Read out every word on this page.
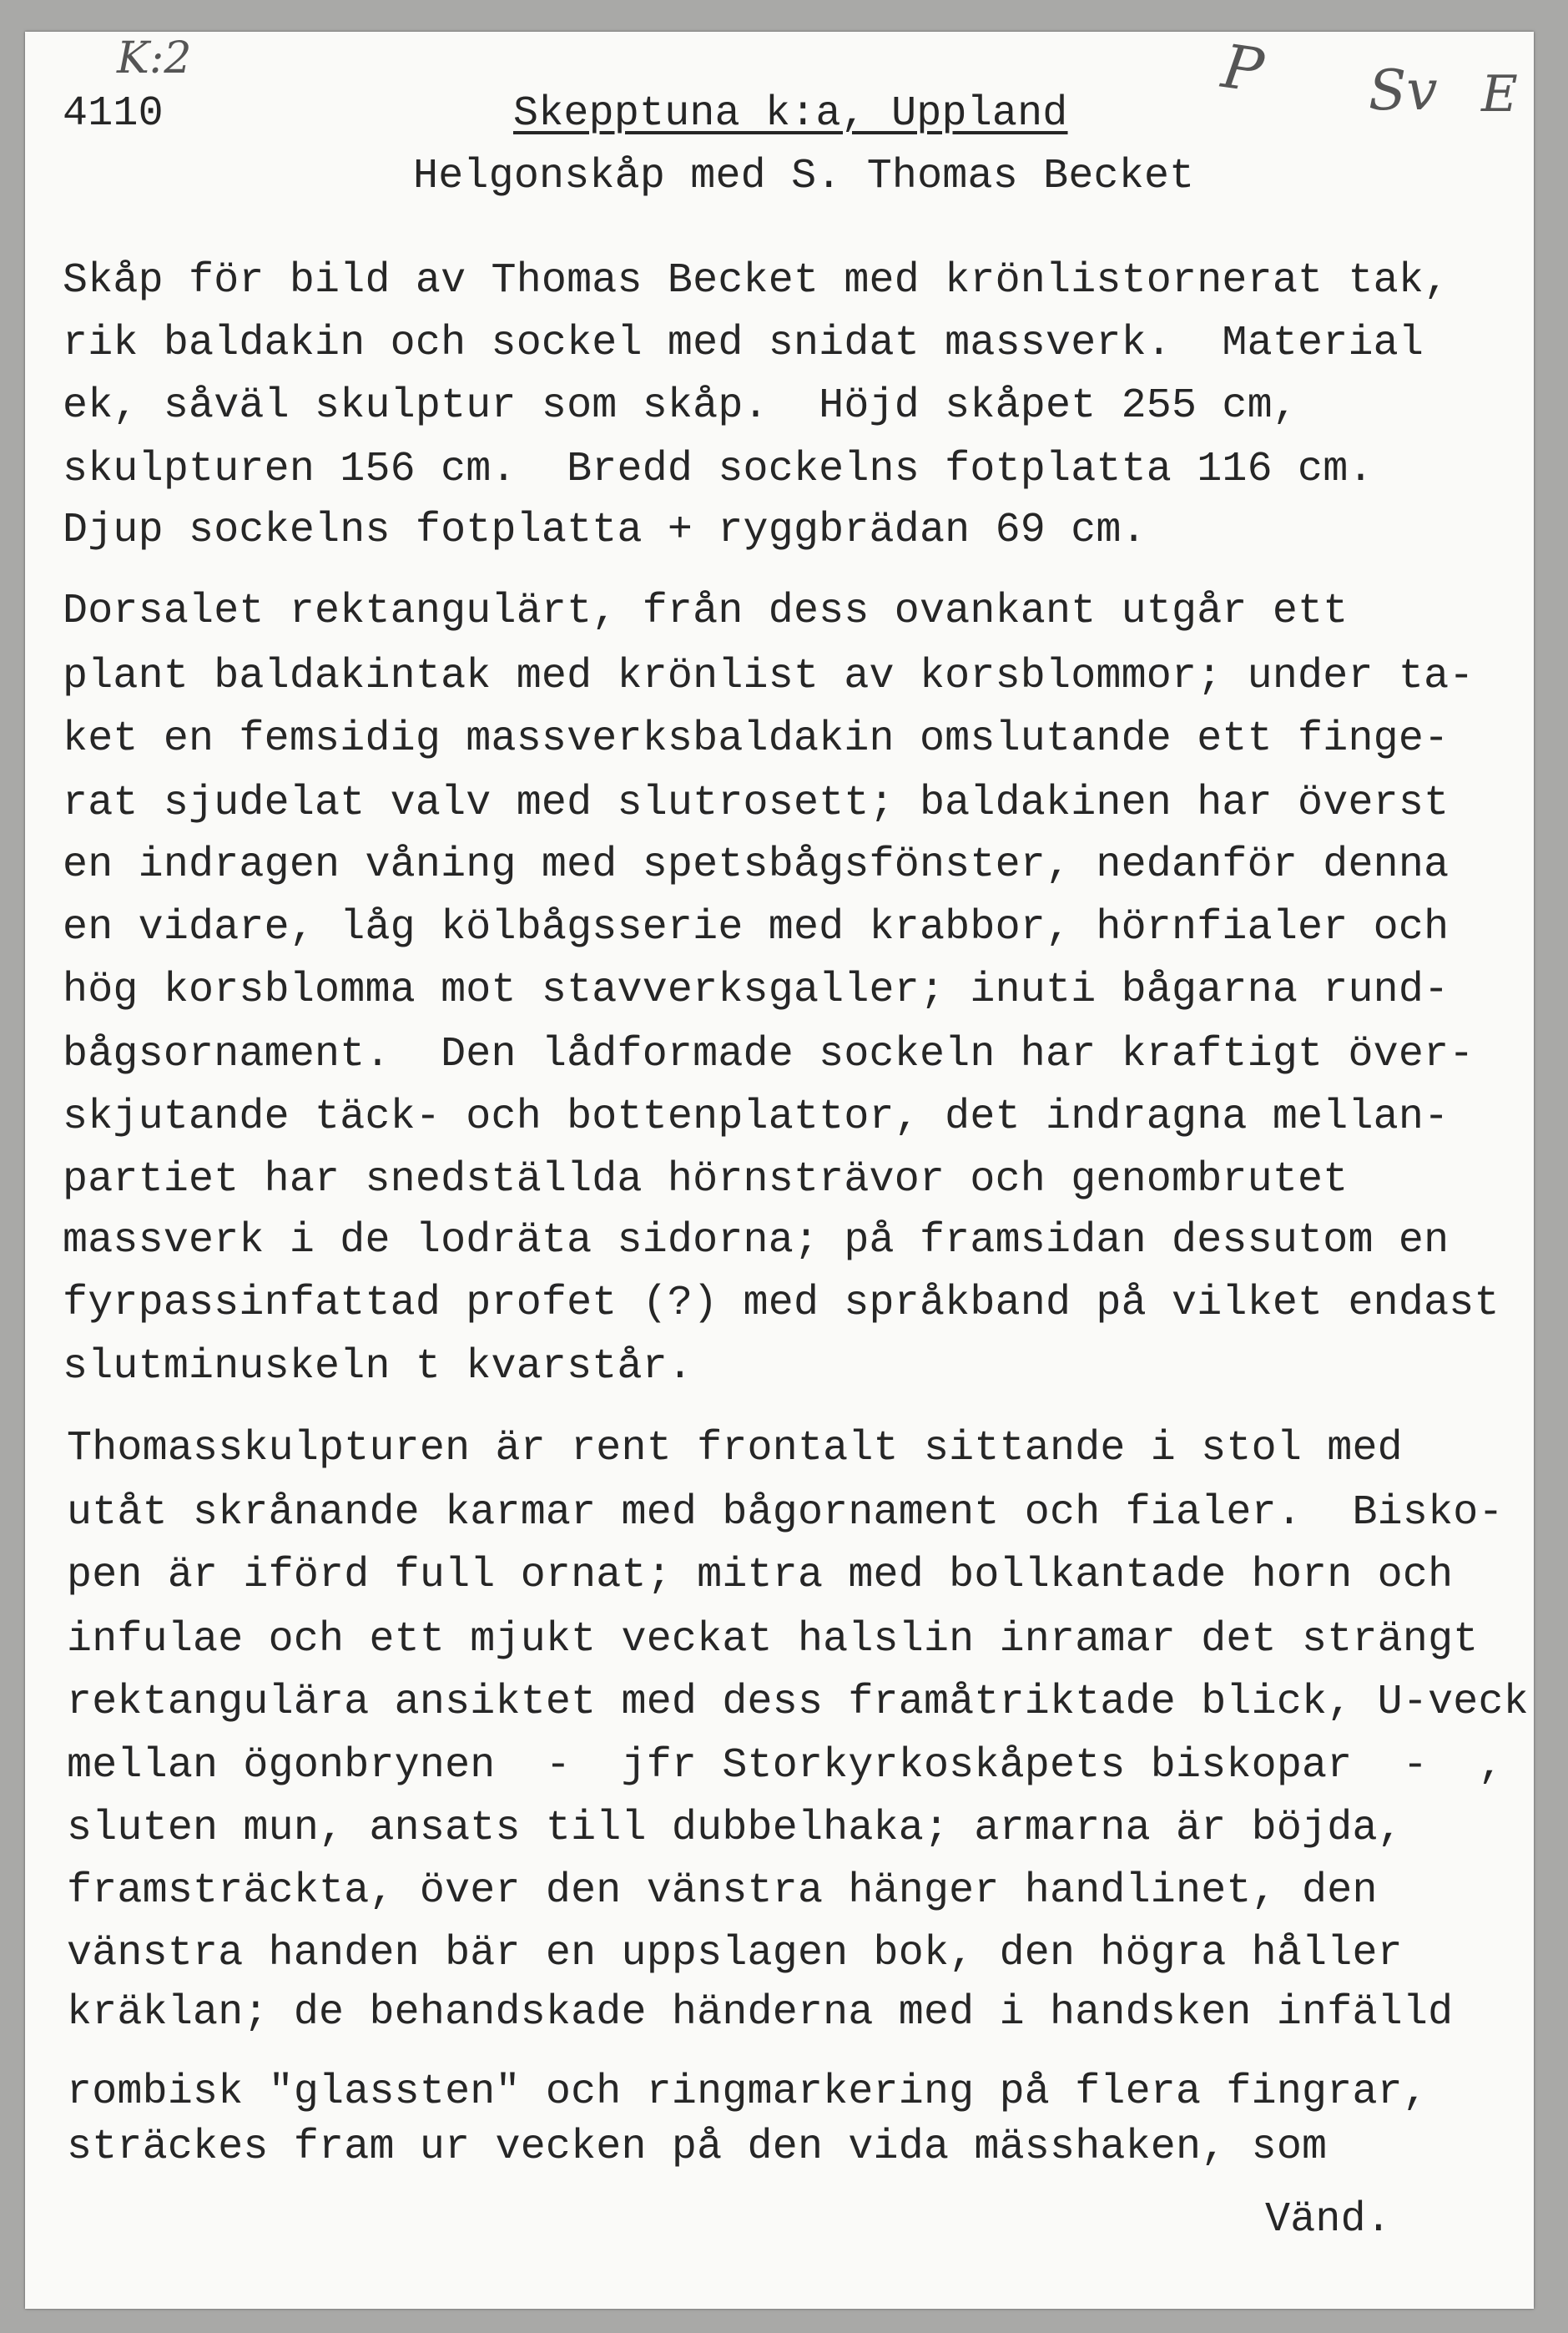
K:2	P Sv E
4110	Skepptuna k:a, Uppland
Helgonskåp med S. Thomas Becket
Skåp för bild av Thomas Becket med krönlistornerat tak,
rik baldakin och sockel med snidat massverk.  Material
ek, såväl skulptur som skåp.  Höjd skåpet 255 cm,
skulpturen 156 cm.  Bredd sockelns fotplatta 116 cm.
Djup sockelns fotplatta + ryggbrädan 69 cm.
Dorsalet rektangulärt, från dess ovankant utgår ett
plant baldakintak med krönlist av korsblommor; under ta-
ket en femsidig massverksbaldakin omslutande ett finge-
rat sjudelat valv med slutrosett; baldakinen har överst
en indragen våning med spetsbågsfönster, nedanför denna
en vidare, låg kölbågsserie med krabbor, hörnfialer och
hög korsblomma mot stavverksgaller; inuti bågarna rund-
bågsornament.  Den lådformade sockeln har kraftigt över-
skjutande täck- och bottenplattor, det indragna mellan-
partiet har snedställda hörnsträvor och genombrutet
massverk i de lodräta sidorna; på framsidan dessutom en
fyrpassinfattad profet (?) med språkband på vilket endast
slutminuskeln t kvarstår.
Thomasskulpturen är rent frontalt sittande i stol med
utåt skrånande karmar med bågornament och fialer.  Bisko-
pen är iförd full ornat; mitra med bollkantade horn och
infulae och ett mjukt veckat halslin inramar det strängt
rektangulära ansiktet med dess framåtriktade blick, U-veck
mellan ögonbrynen  -  jfr Storkyrkoskåpets biskopar  -  ,
sluten mun, ansats till dubbelhaka; armarna är böjda,
framsträckta, över den vänstra hänger handlinet, den
vänstra handen bär en uppslagen bok, den högra håller
kräklan; de behandskade händerna med i handsken infälld
rombisk "glassten" och ringmarkering på flera fingrar,
sträckes fram ur vecken på den vida mässhaken, som
Vänd.
